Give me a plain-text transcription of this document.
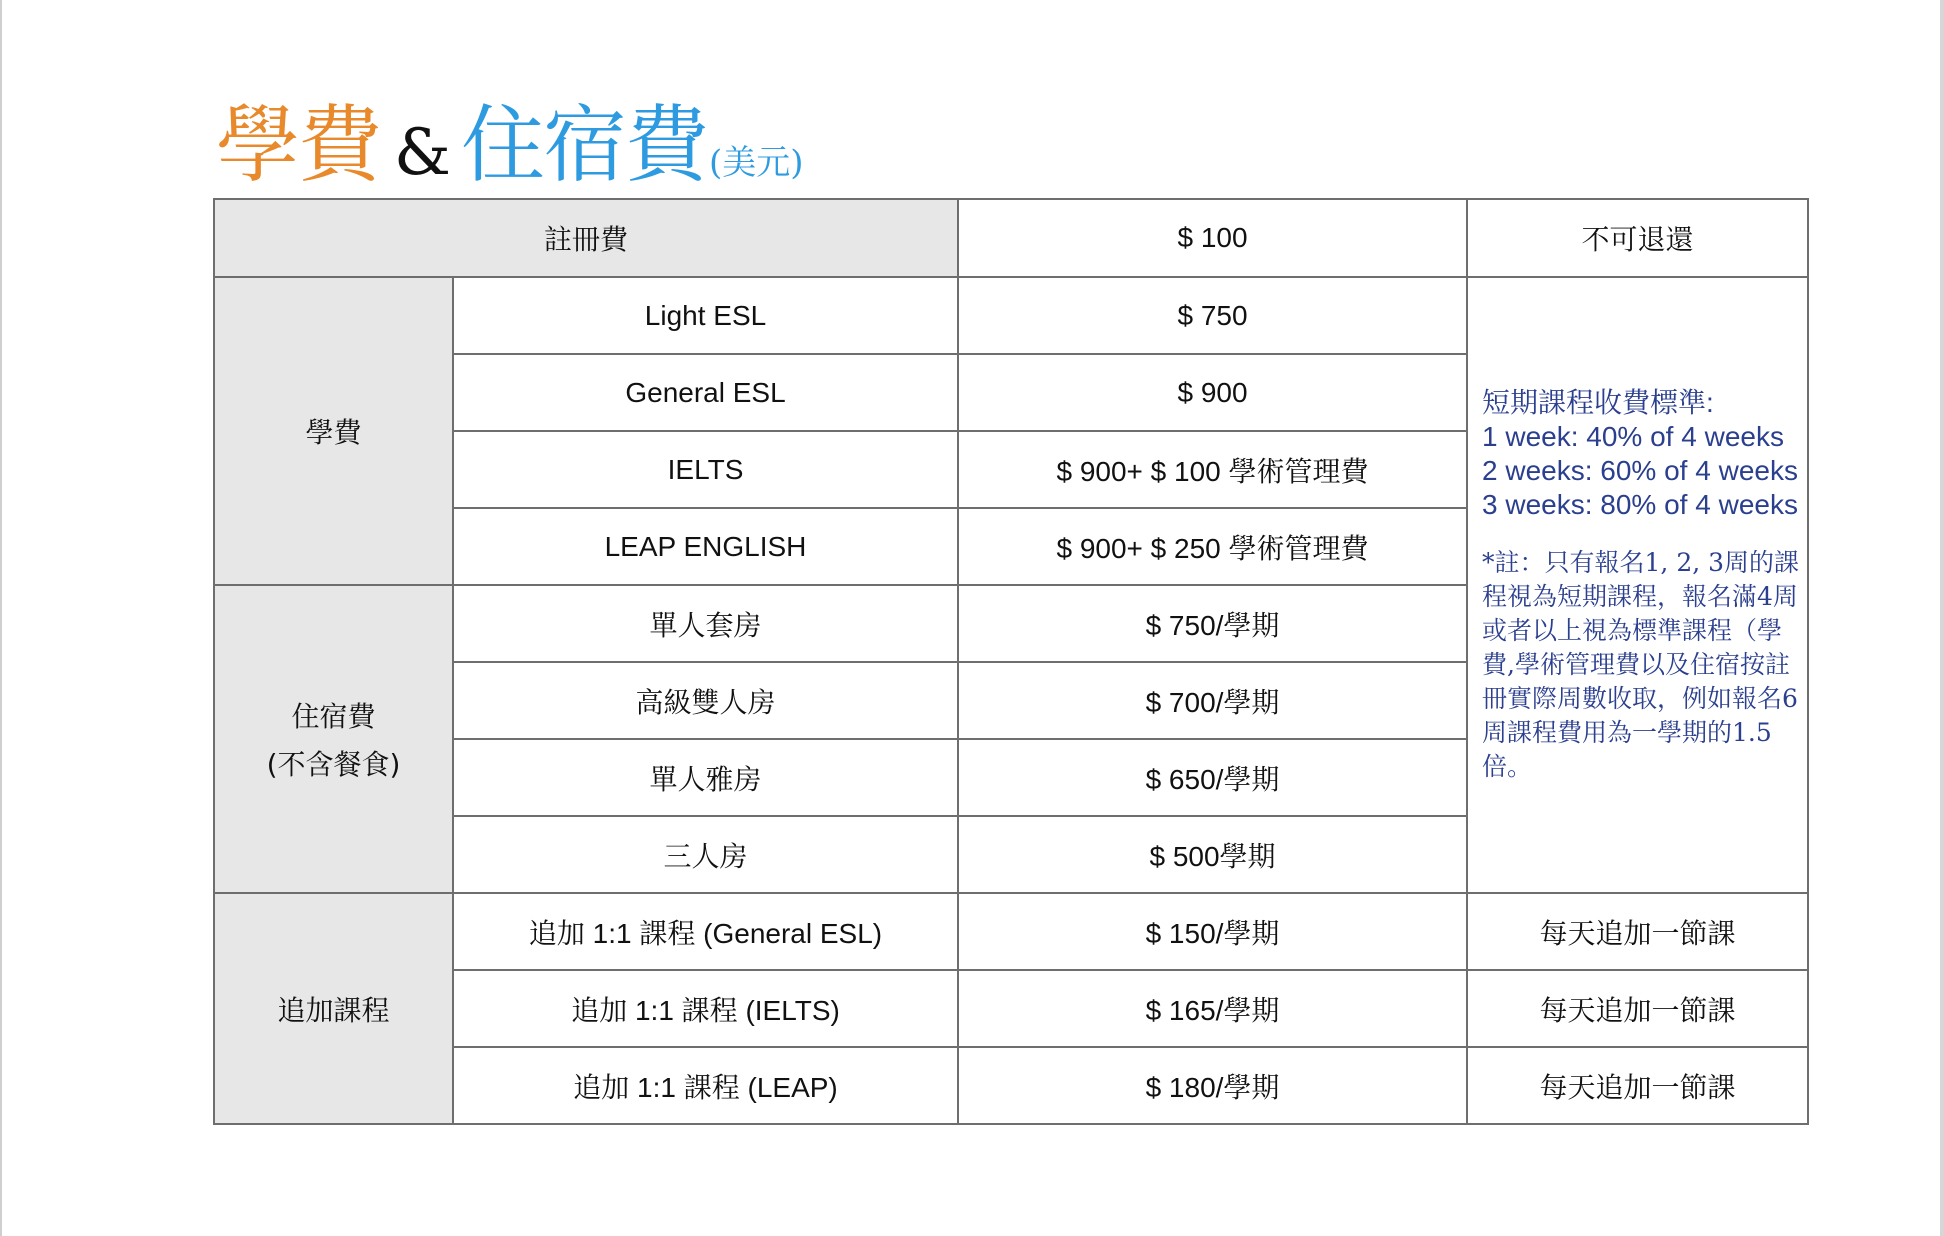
學費 & 住宿費(美元)
註冊費		$ 100	不可退還
學費	Light ESL	$ 750	短期課程收費標準:
1 week: 40% of 4 weeks
2 weeks: 60% of 4 weeks
3 weeks: 80% of 4 weeks
*註：只有報名1, 2, 3周的課程視為短期課程，報名滿4周或者以上視為標準課程（學費,學術管理費以及住宿按註冊實際周數收取，例如報名6周課程費用為一學期的1.5倍。

	General ESL	$ 900	
	IELTS	$ 900+ $ 100 學術管理費	
	LEAP ENGLISH	$ 900+ $ 250 學術管理費	
住宿費
(不含餐食)	單人套房	$ 750/學期	
	高級雙人房	$ 700/學期	
	單人雅房	$ 650/學期	
	三人房	$ 500學期	
追加課程	追加 1:1 課程 (General ESL)	$ 150/學期	每天追加一節課
	追加 1:1 課程 (IELTS)	$ 165/學期	每天追加一節課
	追加 1:1 課程 (LEAP)	$ 180/學期	每天追加一節課
